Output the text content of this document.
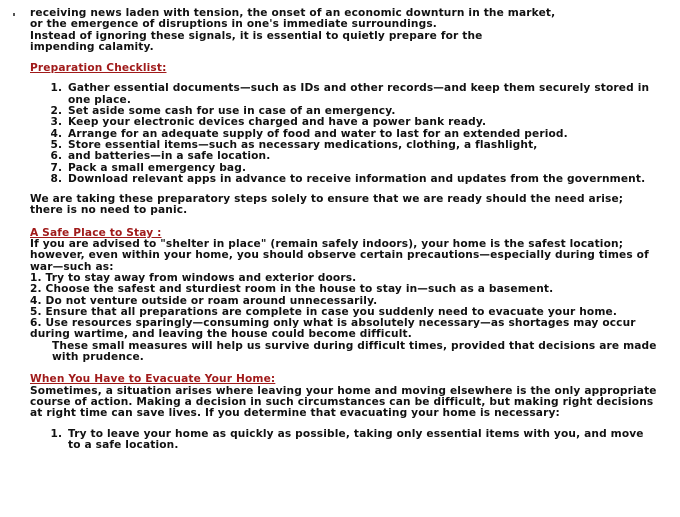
receiving news laden with tension, the onset of an economic downturn in the market,

or the emergence of disruptions in one's immediate surroundings.

Instead of ignoring these signals, it is essential to quietly prepare for the

impending calamity.

Preparation Checklist:

1. Gather essential documents—such as IDs and other records—and keep them securely stored in one place.
2. Set aside some cash for use in case of an emergency.
3. Keep your electronic devices charged and have a power bank ready.
4. Arrange for an adequate supply of food and water to last for an extended period.
5. Store essential items—such as necessary medications, clothing, a flashlight,
6. and batteries—in a safe location.
7. Pack a small emergency bag.
8. Download relevant apps in advance to receive information and updates from the government.

We are taking these preparatory steps solely to ensure that we are ready should the need arise; there is no need to panic.

A Safe Place to Stay :

If you are advised to "shelter in place" (remain safely indoors), your home is the safest location; however, even within your home, you should observe certain precautions—especially during times of war—such as:

1. Try to stay away from windows and exterior doors.

2. Choose the safest and sturdiest room in the house to stay in—such as a basement.

4. Do not venture outside or roam around unnecessarily.

5. Ensure that all preparations are complete in case you suddenly need to evacuate your home.

6. Use resources sparingly—consuming only what is absolutely necessary—as shortages may occur during wartime, and leaving the house could become difficult.

These small measures will help us survive during difficult times, provided that decisions are made with prudence.

When You Have to Evacuate Your Home:

Sometimes, a situation arises where leaving your home and moving elsewhere is the only appropriate course of action. Making a decision in such circumstances can be difficult, but making right decisions at right time can save lives. If you determine that evacuating your home is necessary:

1. Try to leave your home as quickly as possible, taking only essential items with you, and move to a safe location.
